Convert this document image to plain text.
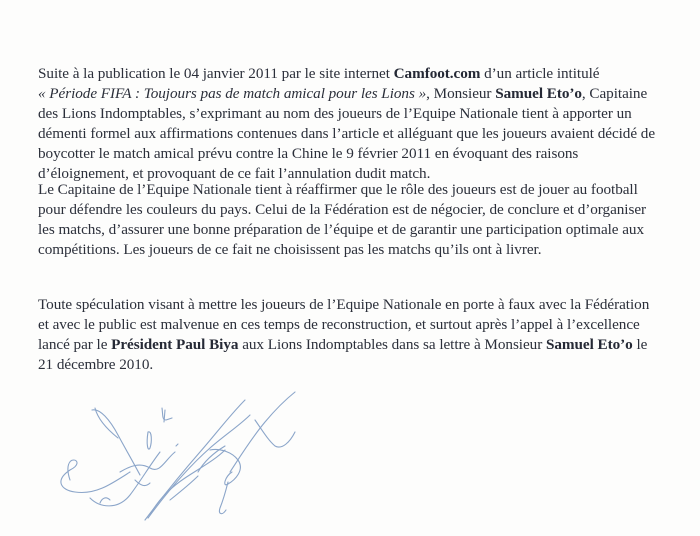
Suite à la publication le 04 janvier 2011 par le site internet Camfoot.com d’un article intitulé
« Période FIFA : Toujours pas de match amical pour les Lions », Monsieur Samuel Eto’o, Capitaine
des Lions Indomptables, s’exprimant au nom des joueurs de l’Equipe Nationale tient à apporter un
démenti formel aux affirmations contenues dans l’article et alléguant que les joueurs avaient décidé de
boycotter le match amical prévu contre la Chine le 9 février 2011 en évoquant des raisons
d’éloignement, et provoquant de ce fait l’annulation dudit match.

Le Capitaine de l’Equipe Nationale tient à réaffirmer que le rôle des joueurs est de jouer au football
pour défendre les couleurs du pays. Celui de la Fédération est de négocier, de conclure et d’organiser
les matchs, d’assurer une bonne préparation de l’équipe et de garantir une participation optimale aux
compétitions. Les joueurs de ce fait ne choisissent pas les matchs qu’ils ont à livrer.

Toute spéculation visant à mettre les joueurs de l’Equipe Nationale en porte à faux avec la Fédération
et avec le public est malvenue en ces temps de reconstruction, et surtout après l’appel à l’excellence
lancé par le Président Paul Biya aux Lions Indomptables dans sa lettre à Monsieur Samuel Eto’o le
21 décembre 2010.
